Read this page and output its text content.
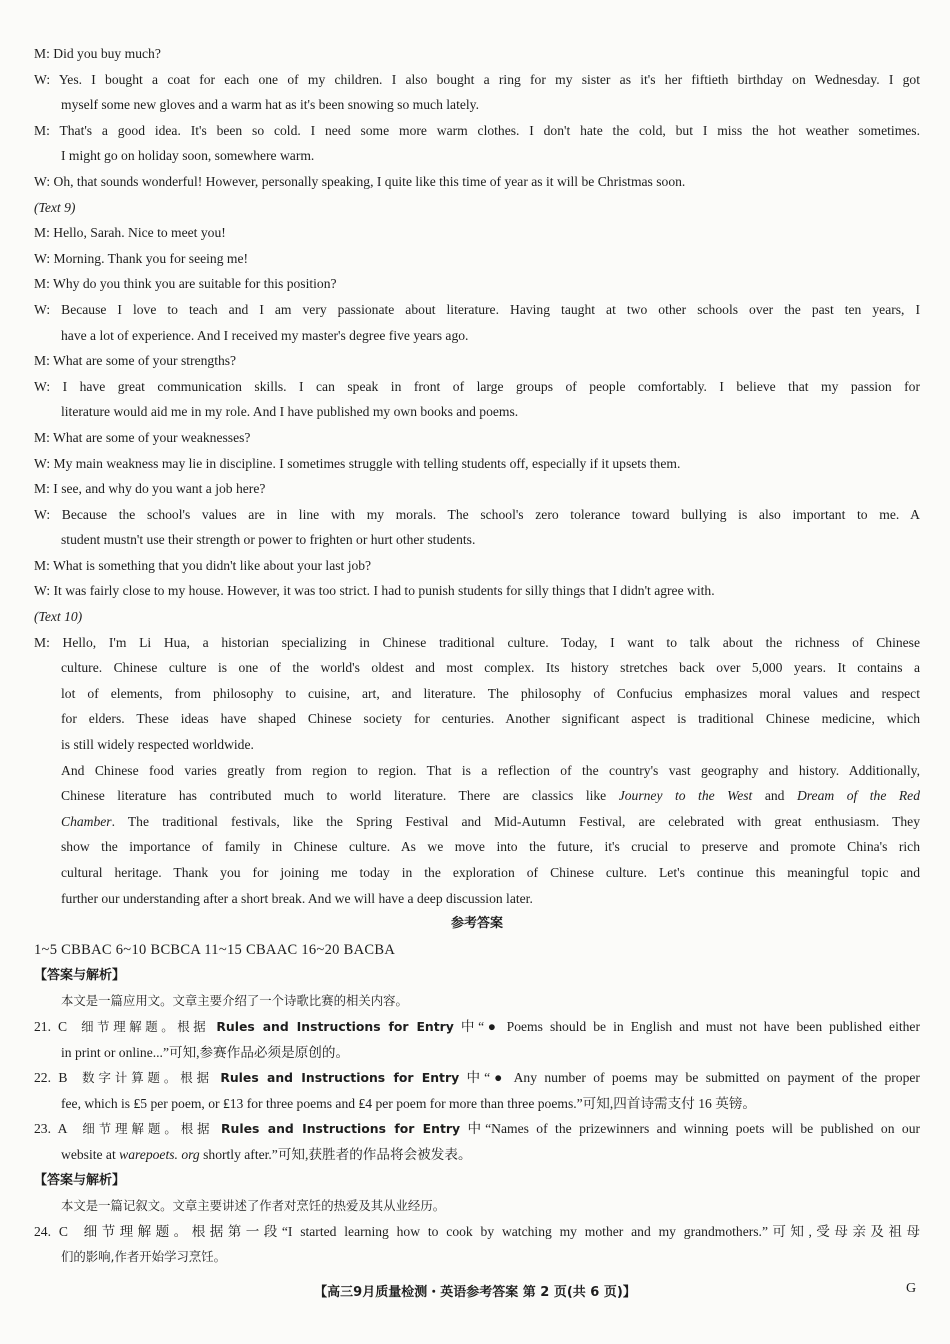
M: Did you buy much?
W: Yes. I bought a coat for each one of my children. I also bought a ring for my sister as it's her fiftieth birthday on Wednesday. I got
myself some new gloves and a warm hat as it's been snowing so much lately.
M: That's a good idea. It's been so cold. I need some more warm clothes. I don't hate the cold, but I miss the hot weather sometimes.
I might go on holiday soon, somewhere warm.
W: Oh, that sounds wonderful! However, personally speaking, I quite like this time of year as it will be Christmas soon.
(Text 9)
M: Hello, Sarah. Nice to meet you!
W: Morning. Thank you for seeing me!
M: Why do you think you are suitable for this position?
W: Because I love to teach and I am very passionate about literature. Having taught at two other schools over the past ten years, I
have a lot of experience. And I received my master's degree five years ago.
M: What are some of your strengths?
W: I have great communication skills. I can speak in front of large groups of people comfortably. I believe that my passion for
literature would aid me in my role. And I have published my own books and poems.
M: What are some of your weaknesses?
W: My main weakness may lie in discipline. I sometimes struggle with telling students off, especially if it upsets them.
M: I see, and why do you want a job here?
W: Because the school's values are in line with my morals. The school's zero tolerance toward bullying is also important to me. A
student mustn't use their strength or power to frighten or hurt other students.
M: What is something that you didn't like about your last job?
W: It was fairly close to my house. However, it was too strict. I had to punish students for silly things that I didn't agree with.
(Text 10)
M: Hello, I'm Li Hua, a historian specializing in Chinese traditional culture. Today, I want to talk about the richness of Chinese
culture. Chinese culture is one of the world's oldest and most complex. Its history stretches back over 5,000 years. It contains a
lot of elements, from philosophy to cuisine, art, and literature. The philosophy of Confucius emphasizes moral values and respect
for elders. These ideas have shaped Chinese society for centuries. Another significant aspect is traditional Chinese medicine, which
is still widely respected worldwide.
And Chinese food varies greatly from region to region. That is a reflection of the country's vast geography and history. Additionally,
Chinese literature has contributed much to world literature. There are classics like Journey to the West and Dream of the Red
Chamber. The traditional festivals, like the Spring Festival and Mid-Autumn Festival, are celebrated with great enthusiasm. They
show the importance of family in Chinese culture. As we move into the future, it's crucial to preserve and promote China's rich
cultural heritage. Thank you for joining me today in the exploration of Chinese culture. Let's continue this meaningful topic and
further our understanding after a short break. And we will have a deep discussion later.
参考答案
1~5 CBBAC 6~10 BCBCA 11~15 CBAAC 16~20 BACBA
【答案与解析】
本文是一篇应用文。文章主要介绍了一个诗歌比赛的相关内容。
21. C 细节理解题。根据 Rules and Instructions for Entry 中“● Poems should be in English and must not have been published either
in print or online...”可知,参赛作品必须是原创的。
22. B 数字计算题。根据 Rules and Instructions for Entry 中“● Any number of poems may be submitted on payment of the proper
fee, which is ₤5 per poem, or ₤13 for three poems and ₤4 per poem for more than three poems.”可知,四首诗需支付 16 英镑。
23. A 细节理解题。根据 Rules and Instructions for Entry 中“Names of the prizewinners and winning poets will be published on our
website at warepoets. org shortly after.”可知,获胜者的作品将会被发表。
【答案与解析】
本文是一篇记叙文。文章主要讲述了作者对烹饪的热爱及其从业经历。
24. C 细节理解题。根据第一段“I started learning how to cook by watching my mother and my grandmothers.”可知,受母亲及祖母
们的影响,作者开始学习烹饪。
【高三9月质量检测・英语参考答案 第 2 页(共 6 页)】	G
